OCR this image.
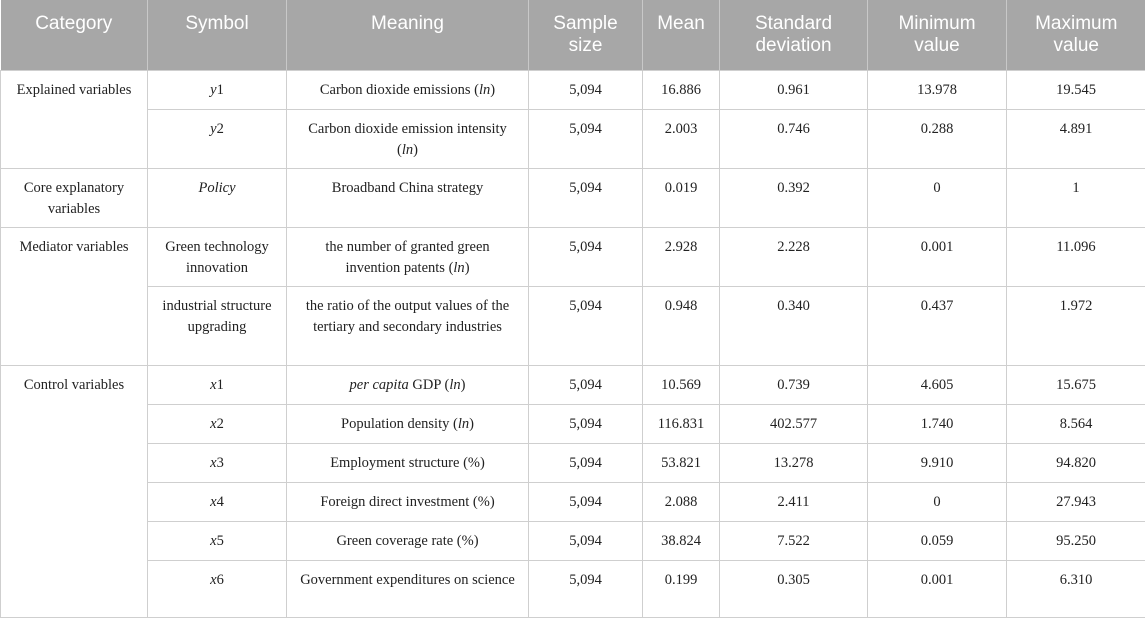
Category	Symbol	Meaning	Sample size	Mean	Standard deviation	Minimum value	Maximum value
Explained variables	y1	Carbon dioxide emissions (ln)	5,094	16.886	0.961	13.978	19.545
	y2	Carbon dioxide emission intensity (ln)	5,094	2.003	0.746	0.288	4.891
Core explanatory variables	Policy	Broadband China strategy	5,094	0.019	0.392	0	1
Mediator variables	Green technology innovation	the number of granted green invention patents (ln)	5,094	2.928	2.228	0.001	11.096
	industrial structure upgrading	the ratio of the output values of the tertiary and secondary industries	5,094	0.948	0.340	0.437	1.972
Control variables	x1	per capita GDP (ln)	5,094	10.569	0.739	4.605	15.675
	x2	Population density (ln)	5,094	116.831	402.577	1.740	8.564
	x3	Employment structure (%)	5,094	53.821	13.278	9.910	94.820
	x4	Foreign direct investment (%)	5,094	2.088	2.411	0	27.943
	x5	Green coverage rate (%)	5,094	38.824	7.522	0.059	95.250
	x6	Government expenditures on science	5,094	0.199	0.305	0.001	6.310
